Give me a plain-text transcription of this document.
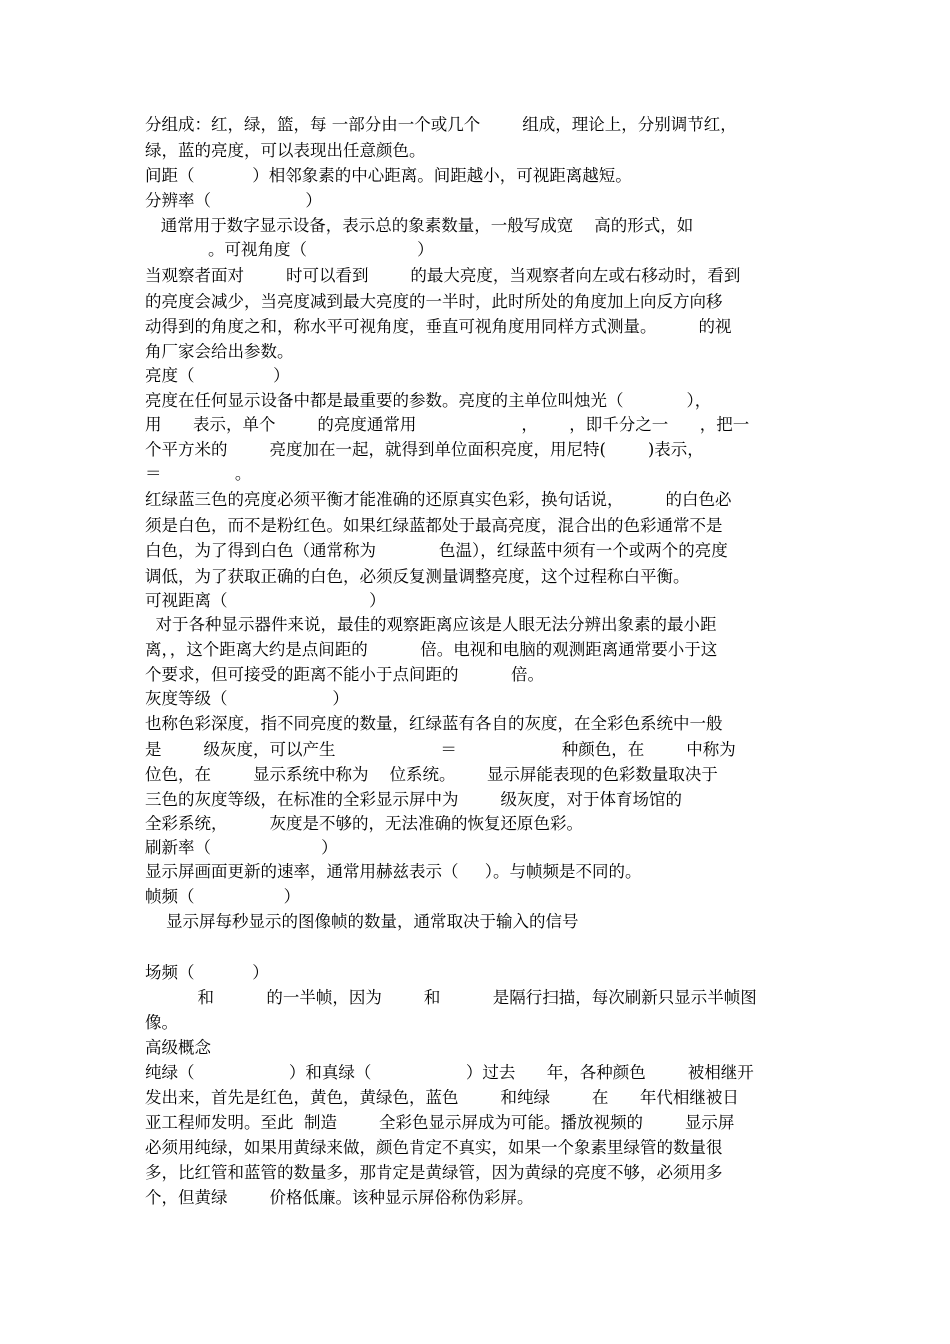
分组成：红，绿，篮，每 一部分由一个或几个        组成，理论上，分别调节红，

绿，蓝的亮度，可以表现出任意颜色。

间距（           ）相邻象素的中心距离。间距越小，可视距离越短。

分辨率（                  ）

通常用于数字显示设备，表示总的象素数量，一般写成宽    高的形式，如

。可视角度（                     ）

当观察者面对        时可以看到        的最大亮度，当观察者向左或右移动时，看到

的亮度会减少，当亮度减到最大亮度的一半时，此时所处的角度加上向反方向移

动得到的角度之和，称水平可视角度，垂直可视角度用同样方式测量。        的视

角厂家会给出参数。

亮度（               ）

亮度在任何显示设备中都是最重要的参数。亮度的主单位叫烛光（            ），

用      表示，单个        的亮度通常用                    ，      ，即千分之一      ，把一

个平方米的        亮度加在一起，就得到单位面积亮度，用尼特(        )表示，

＝              。

红绿蓝三色的亮度必须平衡才能准确的还原真实色彩，换句话说，        的白色必

须是白色，而不是粉红色。如果红绿蓝都处于最高亮度，混合出的色彩通常不是

白色，为了得到白色（通常称为            色温），红绿蓝中须有一个或两个的亮度

调低，为了获取正确的白色，必须反复测量调整亮度，这个过程称白平衡。

可视距离（                           ）

对于各种显示器件来说，最佳的观察距离应该是人眼无法分辨出象素的最小距

离，，这个距离大约是点间距的          倍。电视和电脑的观测距离通常要小于这

个要求，但可接受的距离不能小于点间距的          倍。

灰度等级（                    ）

也称色彩深度，指不同亮度的数量，红绿蓝有各自的灰度，在全彩色系统中一般

是        级灰度，可以产生                    ＝                    种颜色，在        中称为

位色，在        显示系统中称为    位系统。      显示屏能表现的色彩数量取决于

三色的灰度等级，在标准的全彩显示屏中为        级灰度，对于体育场馆的

全彩系统，        灰度是不够的，无法准确的恢复还原色彩。

刷新率（                     ）

显示屏画面更新的速率，通常用赫兹表示（     ）。与帧频是不同的。

帧频（                 ）

显示屏每秒显示的图像帧的数量，通常取决于输入的信号

场频（           ）

和          的一半帧，因为        和          是隔行扫描，每次刷新只显示半帧图

像。

高级概念

纯绿（                  ）和真绿（                  ）过去      年，各种颜色        被相继开

发出来，首先是红色，黄色，黄绿色，蓝色        和纯绿        在      年代相继被日

亚工程师发明。至此  制造        全彩色显示屏成为可能。播放视频的        显示屏

必须用纯绿，如果用黄绿来做，颜色肯定不真实，如果一个象素里绿管的数量很

多，比红管和蓝管的数量多，那肯定是黄绿管，因为黄绿的亮度不够，必须用多

个，但黄绿        价格低廉。该种显示屏俗称伪彩屏。
